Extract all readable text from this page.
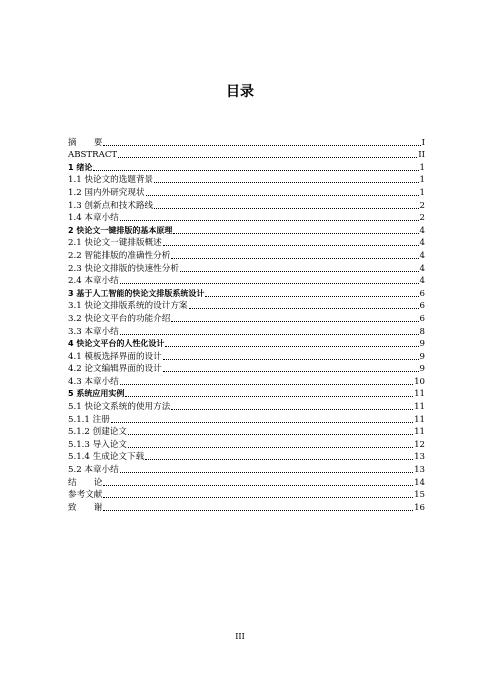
目录
摘　　要	I
ABSTRACT	II
1 绪论	1
1.1 快论文的选题背景	1
1.2 国内外研究现状	1
1.3 创新点和技术路线	2
1.4 本章小结	2
2 快论文一键排版的基本原理	4
2.1 快论文一键排版概述	4
2.2 智能排版的准确性分析	4
2.3 快论文排版的快速性分析	4
2.4 本章小结	4
3 基于人工智能的快论文排版系统设计	6
3.1 快论文排版系统的设计方案	6
3.2 快论文平台的功能介绍	6
3.3 本章小结	8
4 快论文平台的人性化设计	9
4.1 模板选择界面的设计	9
4.2 论文编辑界面的设计	9
4.3 本章小结	10
5 系统应用实例	11
5.1 快论文系统的使用方法	11
5.1.1 注册	11
5.1.2 创建论文	11
5.1.3 导入论文	12
5.1.4 生成论文下载	13
5.2 本章小结	13
结　　论	14
参考文献	15
致　　谢	16
III
